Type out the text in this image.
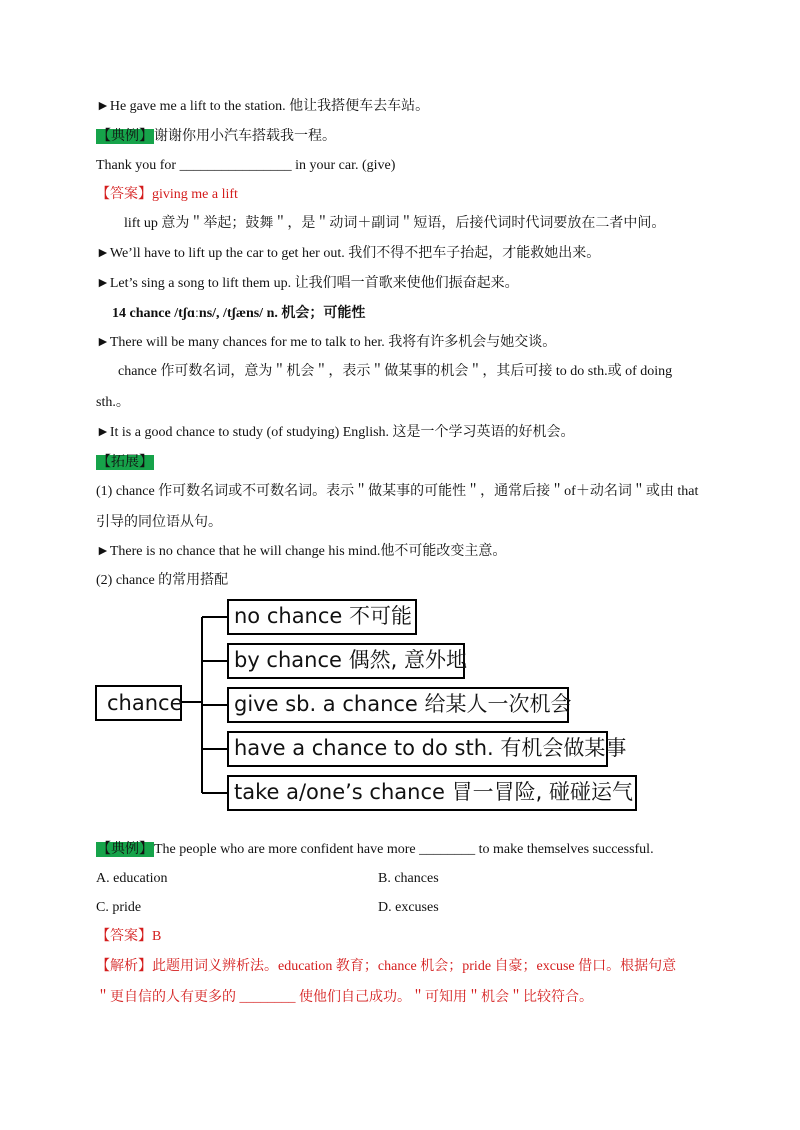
►He gave me a lift to the station. 他让我搭便车去车站。
【典例】谢谢你用小汽车搭载我一程。
Thank you for ________________ in your car. (give)
【答案】giving me a lift
lift up 意为＂举起；鼓舞＂，是＂动词＋副词＂短语，后接代词时代词要放在二者中间。
►We’ll have to lift up the car to get her out. 我们不得不把车子抬起，才能救她出来。
►Let’s sing a song to lift them up. 让我们唱一首歌来使他们振奋起来。
14 chance /tʃɑːns/, /tʃæns/ n. 机会；可能性
►There will be many chances for me to talk to her. 我将有许多机会与她交谈。
chance 作可数名词，意为＂机会＂，表示＂做某事的机会＂，其后可接 to do sth.或 of doing
sth.。
►It is a good chance to study (of studying) English. 这是一个学习英语的好机会。
【拓展】
(1) chance 作可数名词或不可数名词。表示＂做某事的可能性＂，通常后接＂of＋动名词＂或由 that
引导的同位语从句。
►There is no chance that he will change his mind.他不可能改变主意。
(2) chance 的常用搭配
chance
no chance 不可能
by chance 偶然, 意外地
give sb. a chance 给某人一次机会
have a chance to do sth. 有机会做某事
take a/one’s chance 冒一冒险, 碰碰运气
【典例】The people who are more confident have more ________ to make themselves successful.
A. education	B. chances
C. pride	D. excuses
【答案】B
【解析】此题用词义辨析法。education 教育；chance 机会；pride 自豪；excuse 借口。根据句意
＂更自信的人有更多的 ________ 使他们自己成功。＂可知用＂机会＂比较符合。
